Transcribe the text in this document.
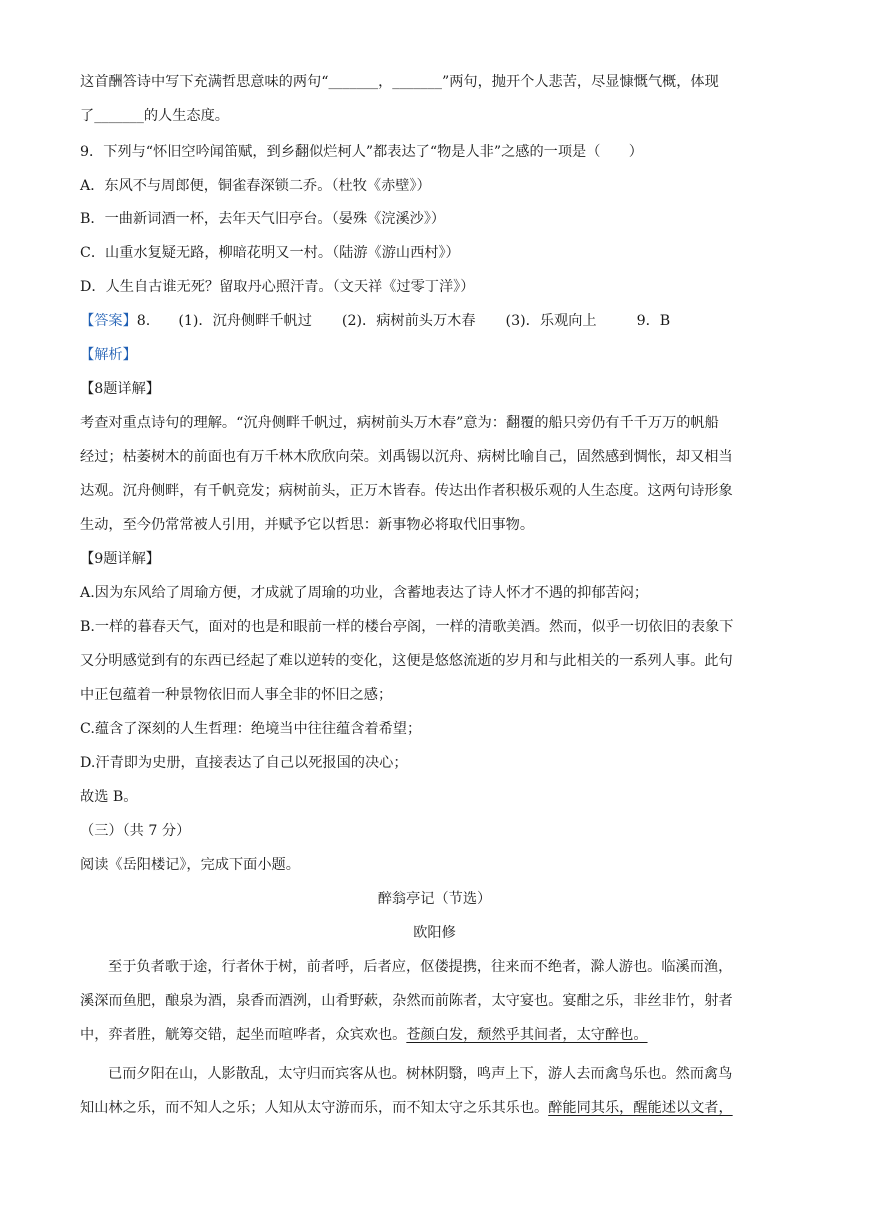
这首酬答诗中写下充满哲思意味的两句“_______，_______”两句，抛开个人悲苦，尽显慷慨气概，体现
了_______的人生态度。
9．下列与“怀旧空吟闻笛赋，到乡翻似烂柯人”都表达了“物是人非”之感的一项是（　　）
A．东风不与周郎便，铜雀春深锁二乔。（杜牧《赤壁》）
B．一曲新词酒一杯，去年天气旧亭台。（晏殊《浣溪沙》）
C．山重水复疑无路，柳暗花明又一村。（陆游《游山西村》）
D．人生自古谁无死？留取丹心照汗青。（文天祥《过零丁洋》）
【答案】8. (1)．沉舟侧畔千帆过 (2)．病树前头万木春 (3)．乐观向上	9．B
【解析】
【8题详解】
考查对重点诗句的理解。“沉舟侧畔千帆过，病树前头万木春”意为：翻覆的船只旁仍有千千万万的帆船
经过；枯萎树木的前面也有万千林木欣欣向荣。刘禹锡以沉舟、病树比喻自己，固然感到惆怅，却又相当
达观。沉舟侧畔，有千帆竞发；病树前头，正万木皆春。传达出作者积极乐观的人生态度。这两句诗形象
生动，至今仍常常被人引用，并赋予它以哲思：新事物必将取代旧事物。
【9题详解】
A.因为东风给了周瑜方便，才成就了周瑜的功业，含蓄地表达了诗人怀才不遇的抑郁苦闷；
B.一样的暮春天气，面对的也是和眼前一样的楼台亭阁，一样的清歌美酒。然而，似乎一切依旧的表象下
又分明感觉到有的东西已经起了难以逆转的变化，这便是悠悠流逝的岁月和与此相关的一系列人事。此句
中正包蕴着一种景物依旧而人事全非的怀旧之感；
C.蕴含了深刻的人生哲理：绝境当中往往蕴含着希望；
D.汗青即为史册，直接表达了自己以死报国的决心；
故选 B。
（三）（共 7 分）
阅读《岳阳楼记》，完成下面小题。
醉翁亭记（节选）
欧阳修
至于负者歌于途，行者休于树，前者呼，后者应，伛偻提携，往来而不绝者，滁人游也。临溪而渔，
溪深而鱼肥，酿泉为酒，泉香而酒洌，山肴野蔌，杂然而前陈者，太守宴也。宴酣之乐，非丝非竹，射者
中，弈者胜，觥筹交错，起坐而喧哗者，众宾欢也。苍颜白发，颓然乎其间者，太守醉也。
已而夕阳在山，人影散乱，太守归而宾客从也。树林阴翳，鸣声上下，游人去而禽鸟乐也。然而禽鸟
知山林之乐，而不知人之乐；人知从太守游而乐，而不知太守之乐其乐也。醉能同其乐，醒能述以文者，
